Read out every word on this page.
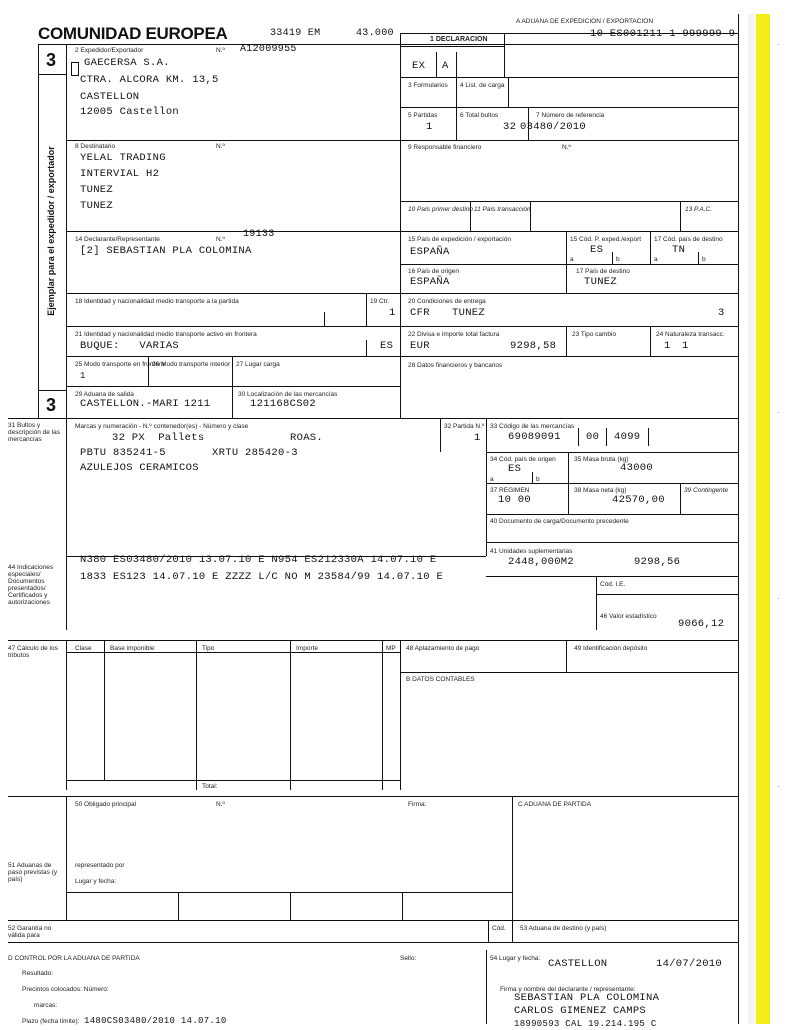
˙
˙
˙
˙
COMUNIDAD EUROPEA	33419 EM	43.000
A ADUANA DE EXPEDICION / EXPORTACION
10 ES001211 1 999999 9
3
3
Ejemplar para el expedidor / exportador
2 Expedidor/Exportador	N.º A12009955
GAECERSA S.A.
CTRA. ALCORA KM. 13,5
CASTELLON
12005 Castellon
1 DECLARACION
EX A
3 Formularios 4 List. de carga
5 Partidas
1
6 Total bultos
32
7 Número de referencia
03480/2010
8 Destinatario	N.º
YELAL TRADING
INTERVIAL H2
TUNEZ
TUNEZ
9 Responsable financiero	N.º
10 País primer destino 11 País transacción	13 P.A.C.
14 Declarante/Representante	N.º 19133
[2] SEBASTIAN PLA COLOMINA
15 País de expedición / exportación
ESPAÑA
15 Cód. P. exped./export
ES
a	b
17 Cód. país de destino
TN
a	b
16 País de origen
ESPAÑA
17 País de destino
TUNEZ
18 Identidad y nacionalidad medio transporte a la partida	19 Ctr.
1
20 Condiciones de entrega
CFR TUNEZ	3
21 Identidad y nacionalidad medio transporte activo en frontera
BUQUE:   VARIAS	ES
22 Divisa e importe total factura
EUR	9298,58
23 Tipo cambio	24 Naturaleza transacc.
1 1
25 Modo transporte en frontera
1
26 Modo transporte interior 27 Lugar carga	28 Datos financieros y bancarios
29 Aduana de salida
CASTELLON.-MARI 1211
30 Localización de las mercancías
121168CS02
31 Bultos y descripción de las mercancías
Marcas y numeración - N.º contenedor(es) - Número y clase
32 PX  Pallets	ROAS.
PBTU 835241-5       XRTU 285420-3
AZULEJOS CERAMICOS
32 Partida N.º
1
33 Código de las mercancías
69089091 00 4099
34 Cód. país de origen
ES
a	b
35 Masa bruta (kg)
43000
37 REGIMEN
10 00
38 Masa neta (kg)
42570,00
39 Contingente
40 Documento de carga/Documento precedente
41 Unidades suplementarias
2448,000M2	9298,56
44 Indicaciones especiales/ Documentos presentados/ Certificados y autorizaciones
N380 ES03480/2010 13.07.10 E N954 ES212330A 14.07.10 E
1833 ES123 14.07.10 E ZZZZ L/C NO M 23584/99 14.07.10 E
Cód. I.E.
46 Valor estadístico
9066,12
47 Cálculo de los tributos
Clase	Base imponible	Tipo	Importe	MP
Total:
48 Aplazamiento de pago	49 Identificación depósito
B DATOS CONTABLES
50 Obligado principal	N.º	Firma:	C ADUANA DE PARTIDA
representado por
Lugar y fecha:
51 Aduanas de paso previstas (y país)
52 Garantía no válida para
Cód. 53 Aduana de destino (y país)
D CONTROL POR LA ADUANA DE PARTIDA	Sello:
Resultado:
Precintos colocados: Número:
marcas:
Plazo (fecha límite): 1480CS03480/2010 14.07.10
54 Lugar y fecha: CASTELLON	14/07/2010
Firma y nombre del declarante / representante:
SEBASTIAN PLA COLOMINA
CARLOS GIMENEZ CAMPS
18990593 CAL 19.214.195 C
